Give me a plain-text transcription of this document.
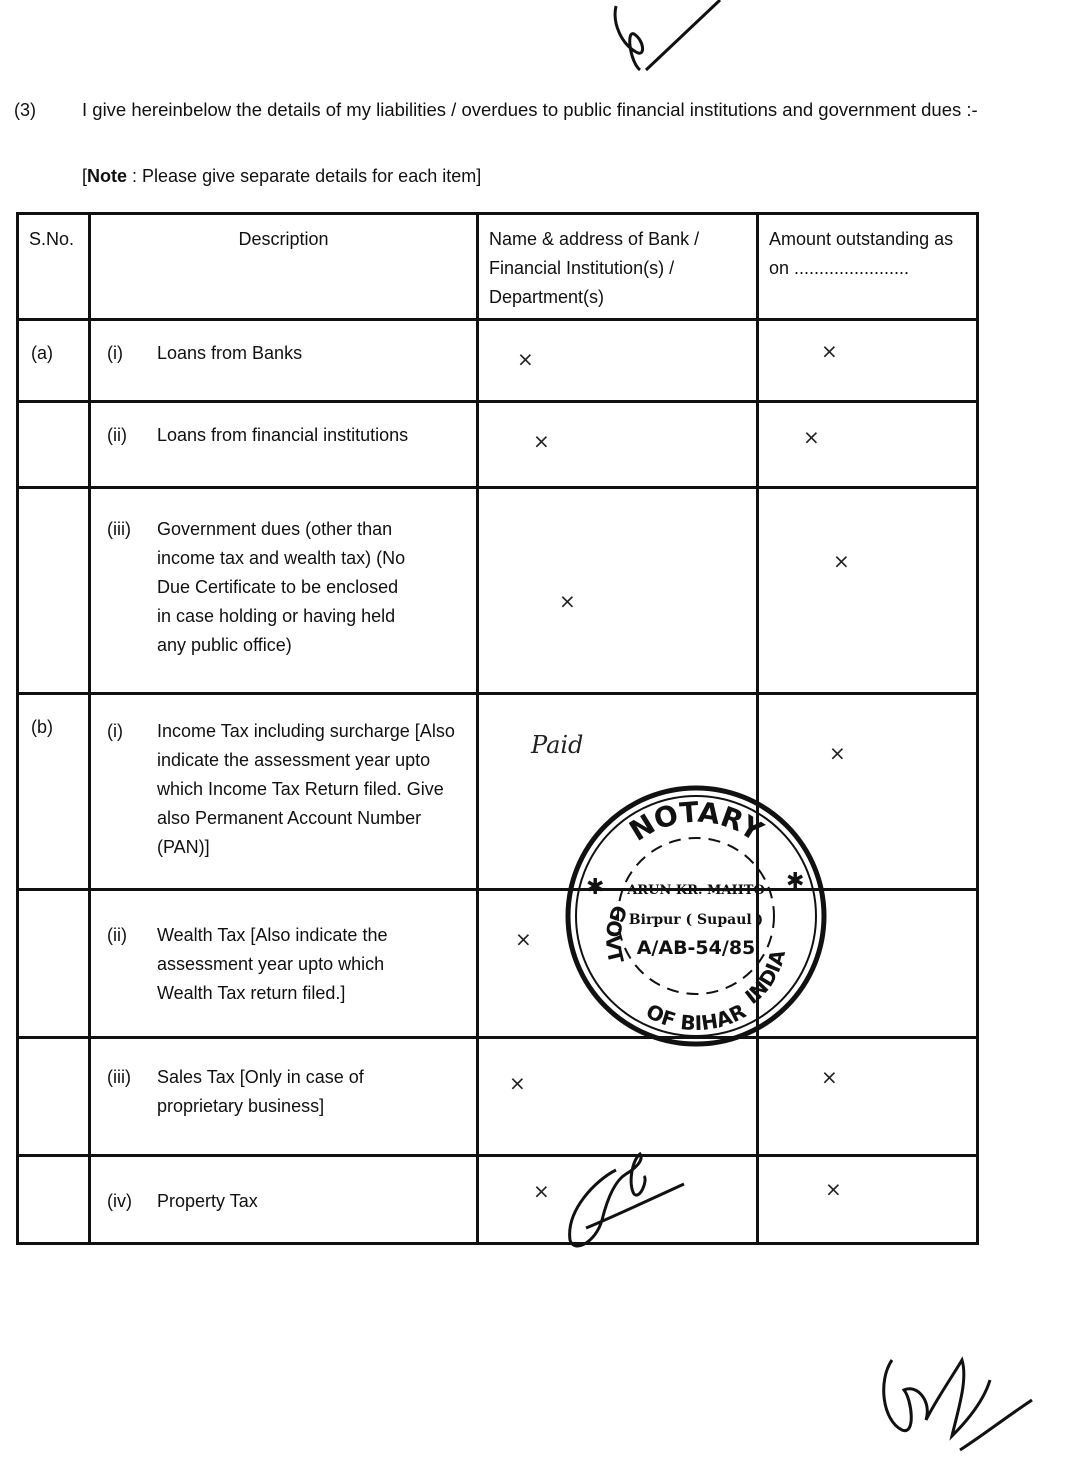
(3) I give hereinbelow the details of my liabilities / overdues to public financial institutions and government dues :-
[Note : Please give separate details for each item]
S.No.	Description	Name & address of Bank / Financial Institution(s) / Department(s)	Amount outstanding as on .......................

(a)	(i) Loans from Banks	⨯	⨯

	(ii) Loans from financial institutions	⨯	⨯

	(iii) Government dues (other than income tax and wealth tax) (No Due Certificate to be enclosed in case holding or having held any public office)	⨯	⨯

(b)	(i) Income Tax including surcharge [Also indicate the assessment year upto which Income Tax Return filed. Give also Permanent Account Number (PAN)]	Paid	⨯

	(ii) Wealth Tax [Also indicate the assessment year upto which Wealth Tax return filed.]	⨯	

	(iii) Sales Tax [Only in case of proprietary business]	⨯	⨯

	(iv) Property Tax	⨯	⨯
NOTARY
OF BIHAR
GOVT
INDIA
✱	✱
ARUN KR. MAHTO
Birpur ( Supaul )
A/AB-54/85
